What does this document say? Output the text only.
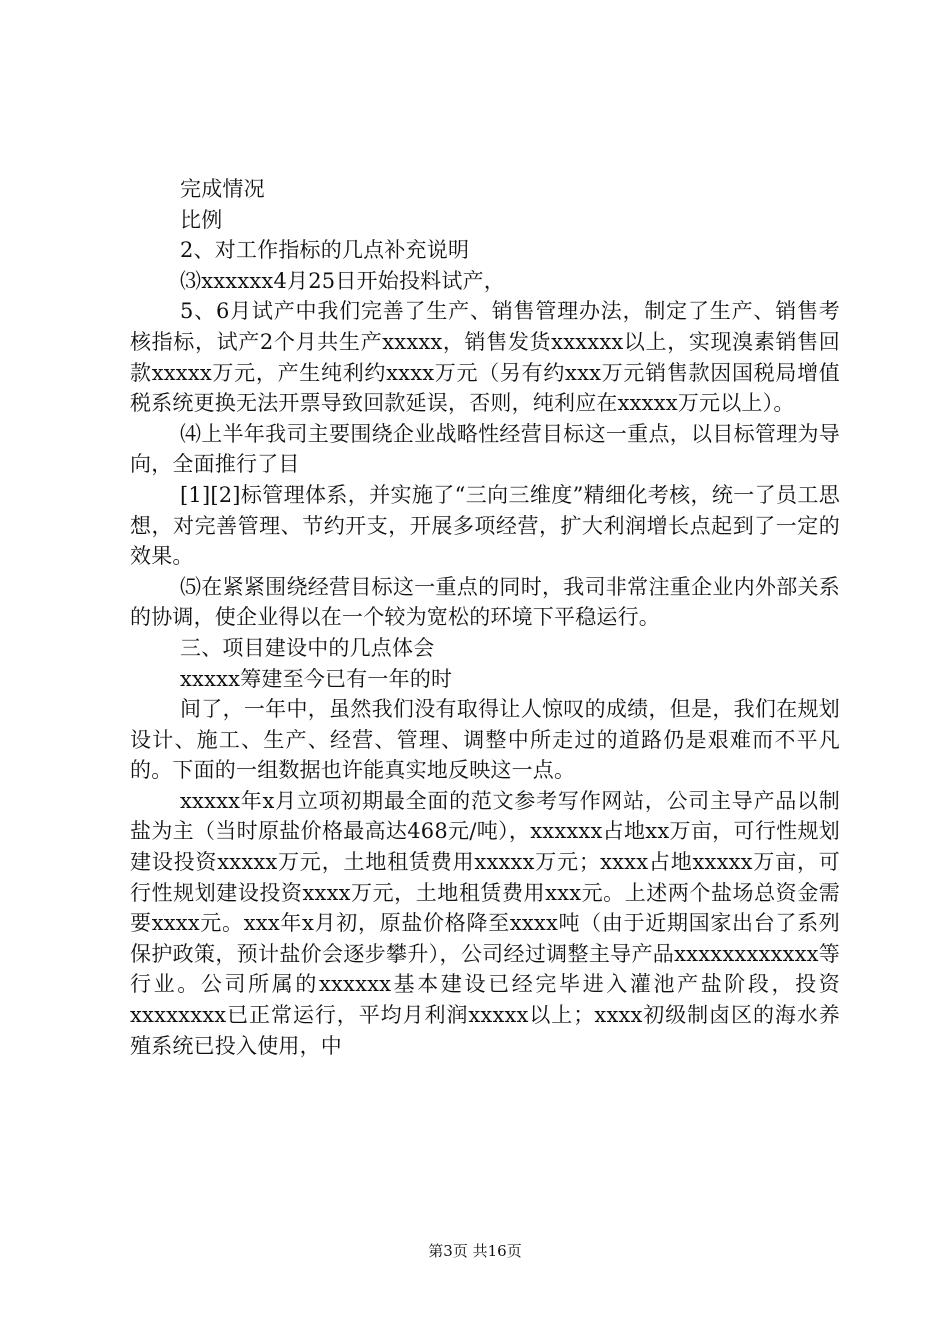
完成情况

比例

2、对工作指标的几点补充说明

⑶xxxxxx4月25日开始投料试产，

5、6月试产中我们完善了生产、销售管理办法，制定了生产、销售考核指标，试产2个月共生产xxxxx，销售发货xxxxxx以上，实现溴素销售回款xxxxx万元，产生纯利约xxxx万元（另有约xxx万元销售款因国税局增值税系统更换无法开票导致回款延误，否则，纯利应在xxxxx万元以上）。

⑷上半年我司主要围绕企业战略性经营目标这一重点，以目标管理为导向，全面推行了目

[1][2]标管理体系，并实施了“三向三维度”精细化考核，统一了员工思想，对完善管理、节约开支，开展多项经营，扩大利润增长点起到了一定的效果。

⑸在紧紧围绕经营目标这一重点的同时，我司非常注重企业内外部关系的协调，使企业得以在一个较为宽松的环境下平稳运行。

三、项目建设中的几点体会

xxxxx筹建至今已有一年的时

间了，一年中，虽然我们没有取得让人惊叹的成绩，但是，我们在规划设计、施工、生产、经营、管理、调整中所走过的道路仍是艰难而不平凡的。下面的一组数据也许能真实地反映这一点。

xxxxx年x月立项初期最全面的范文参考写作网站，公司主导产品以制盐为主（当时原盐价格最高达468元/吨），xxxxxx占地xx万亩，可行性规划建设投资xxxxx万元，土地租赁费用xxxxx万元；xxxx占地xxxxx万亩，可行性规划建设投资xxxx万元，土地租赁费用xxx元。上述两个盐场总资金需要xxxx元。xxx年x月初，原盐价格降至xxxx吨（由于近期国家出台了系列保护政策，预计盐价会逐步攀升），公司经过调整主导产品xxxxxxxxxxxx等行业。公司所属的xxxxxx基本建设已经完毕进入灌池产盐阶段，投资xxxxxxxx已正常运行，平均月利润xxxxx以上；xxxx初级制卤区的海水养殖系统已投入使用，中

第3页 共16页
